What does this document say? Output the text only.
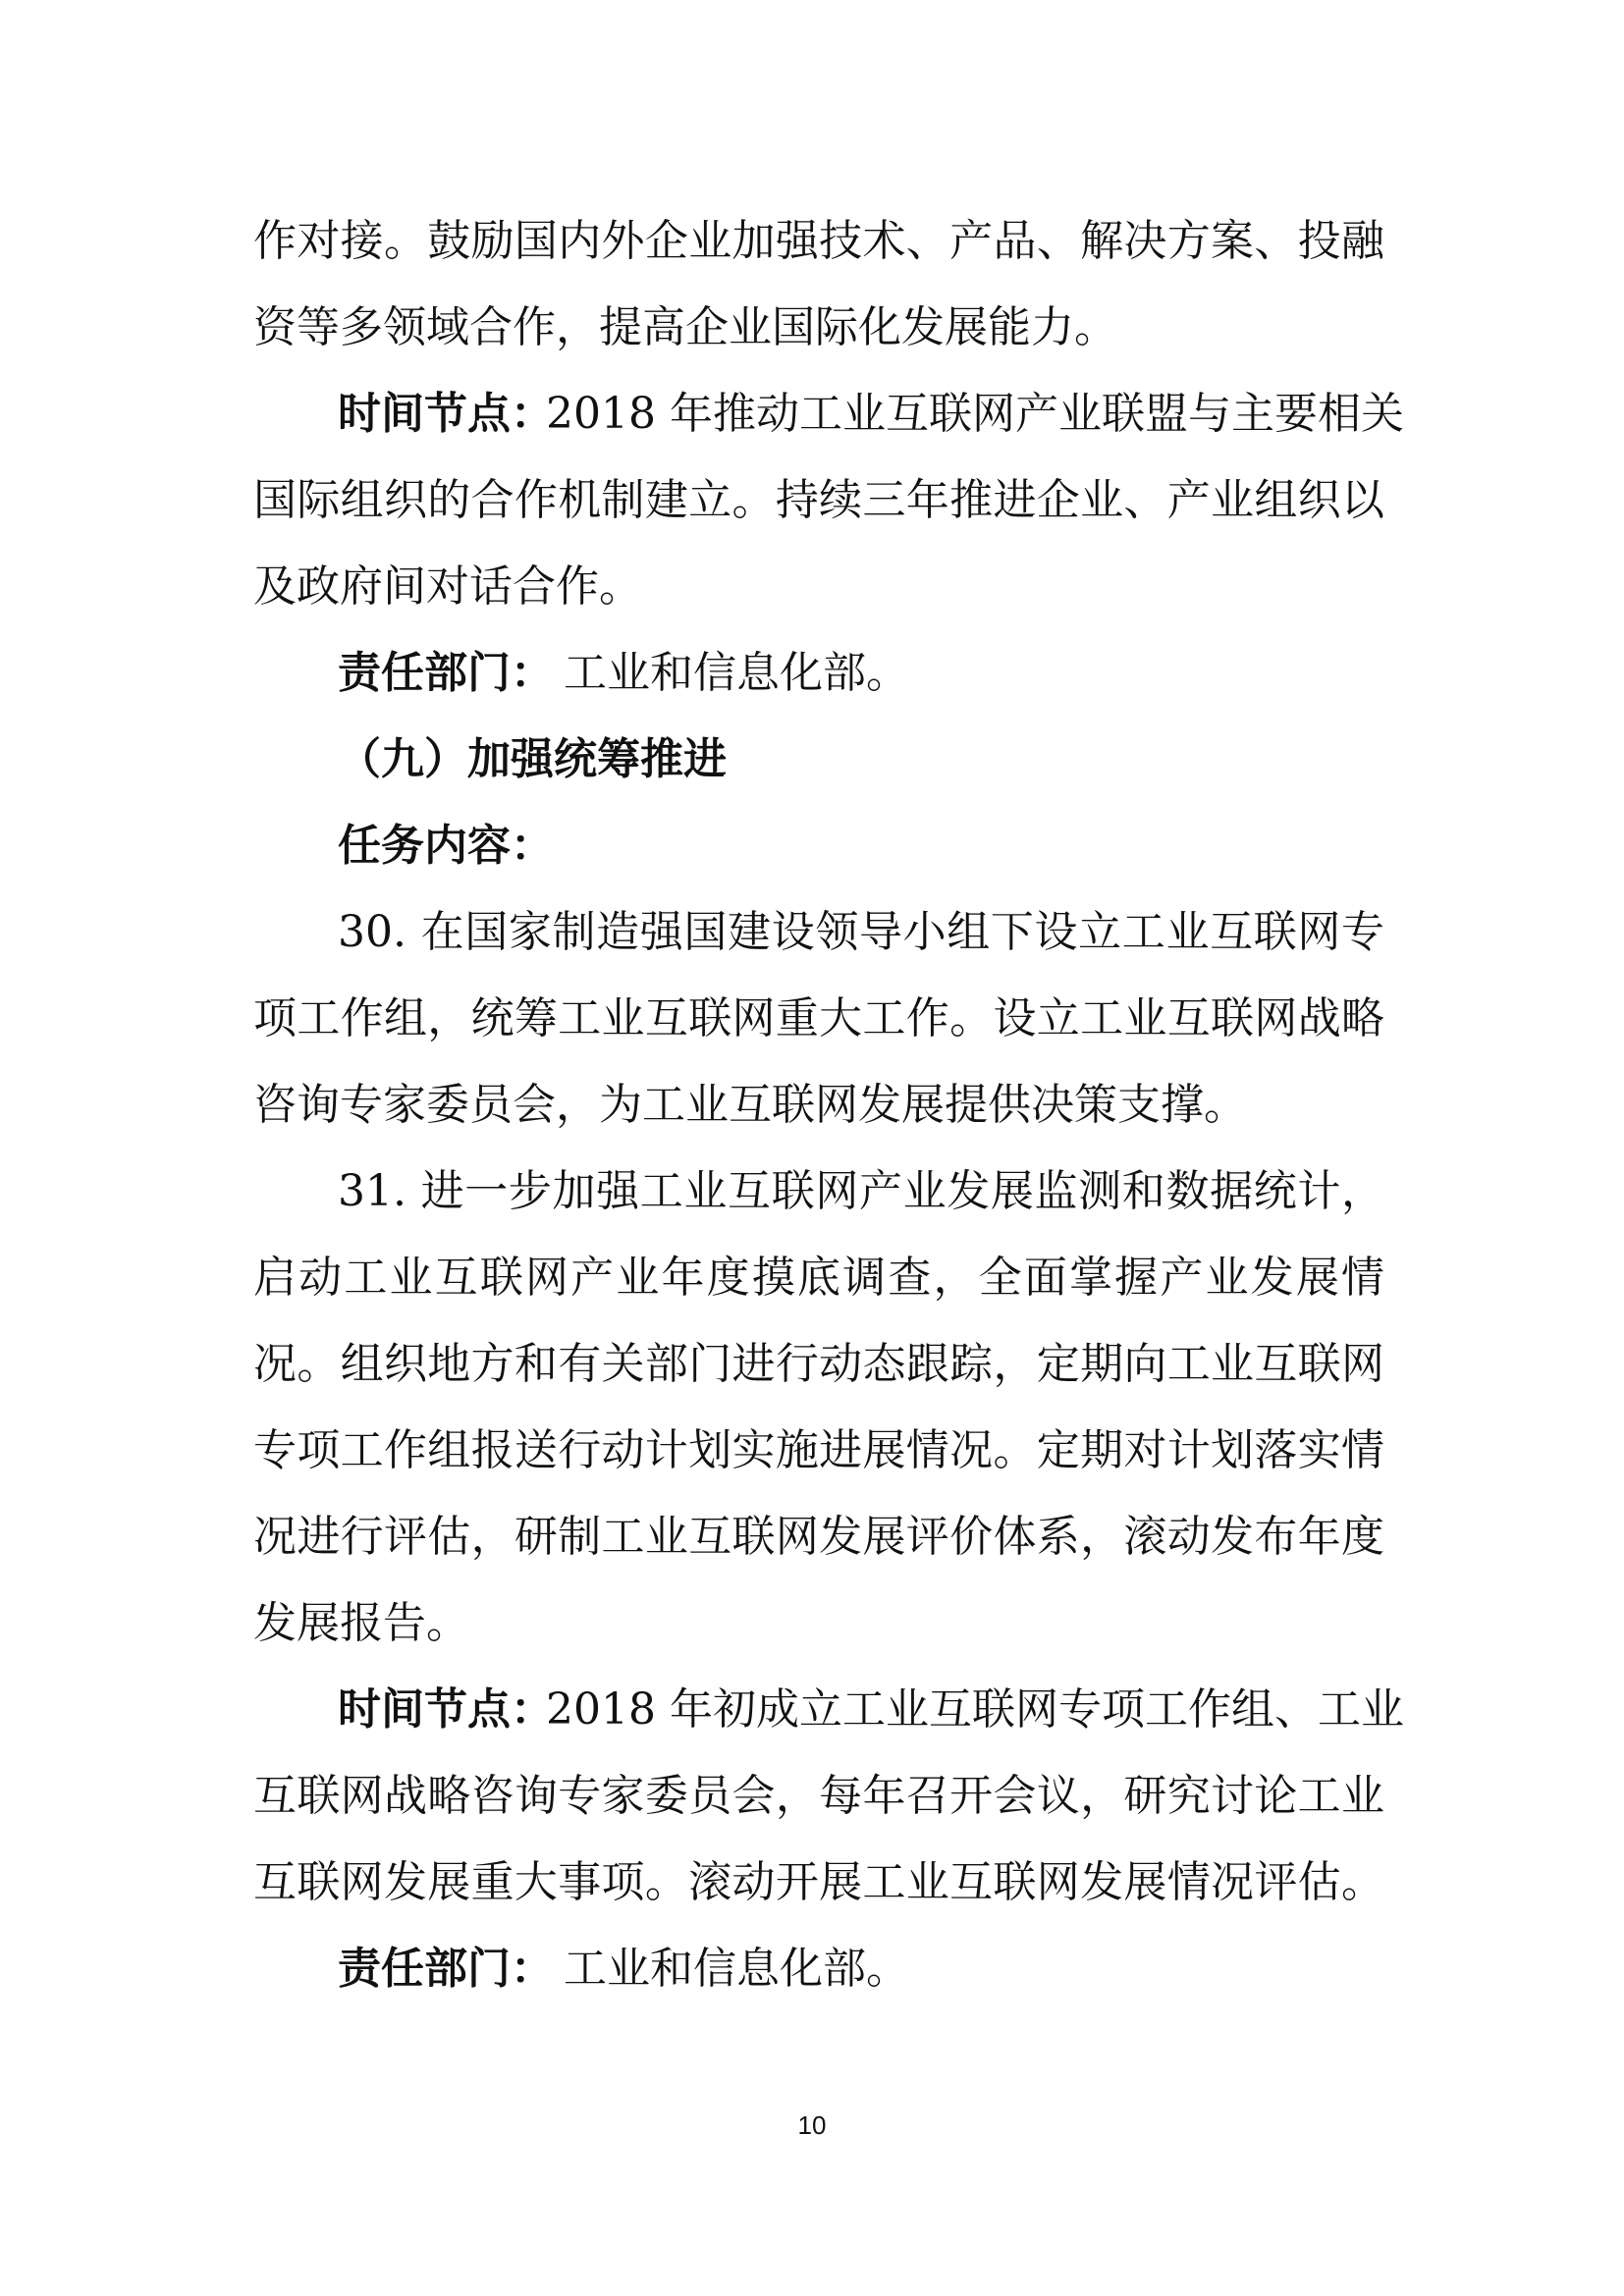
作对接。鼓励国内外企业加强技术、产品、解决方案、投融
资等多领域合作，提高企业国际化发展能力。
时间节点：
2018 年推动工业互联网产业联盟与主要相关
国际组织的合作机制建立。持续三年推进企业、产业组织以
及政府间对话合作。
责任部门： 工业和信息化部。
（九）加强统筹推进
任务内容：
30. 在国家制造强国建设领导小组下设立工业互联网专
项工作组，统筹工业互联网重大工作。设立工业互联网战略
咨询专家委员会，为工业互联网发展提供决策支撑。
31. 进一步加强工业互联网产业发展监测和数据统计，
启动工业互联网产业年度摸底调查，全面掌握产业发展情
况。组织地方和有关部门进行动态跟踪，定期向工业互联网
专项工作组报送行动计划实施进展情况。定期对计划落实情
况进行评估，研制工业互联网发展评价体系，滚动发布年度
发展报告。
时间节点：
2018 年初成立工业互联网专项工作组、工业
互联网战略咨询专家委员会，每年召开会议，研究讨论工业
互联网发展重大事项。滚动开展工业互联网发展情况评估。
责任部门： 工业和信息化部。
10
